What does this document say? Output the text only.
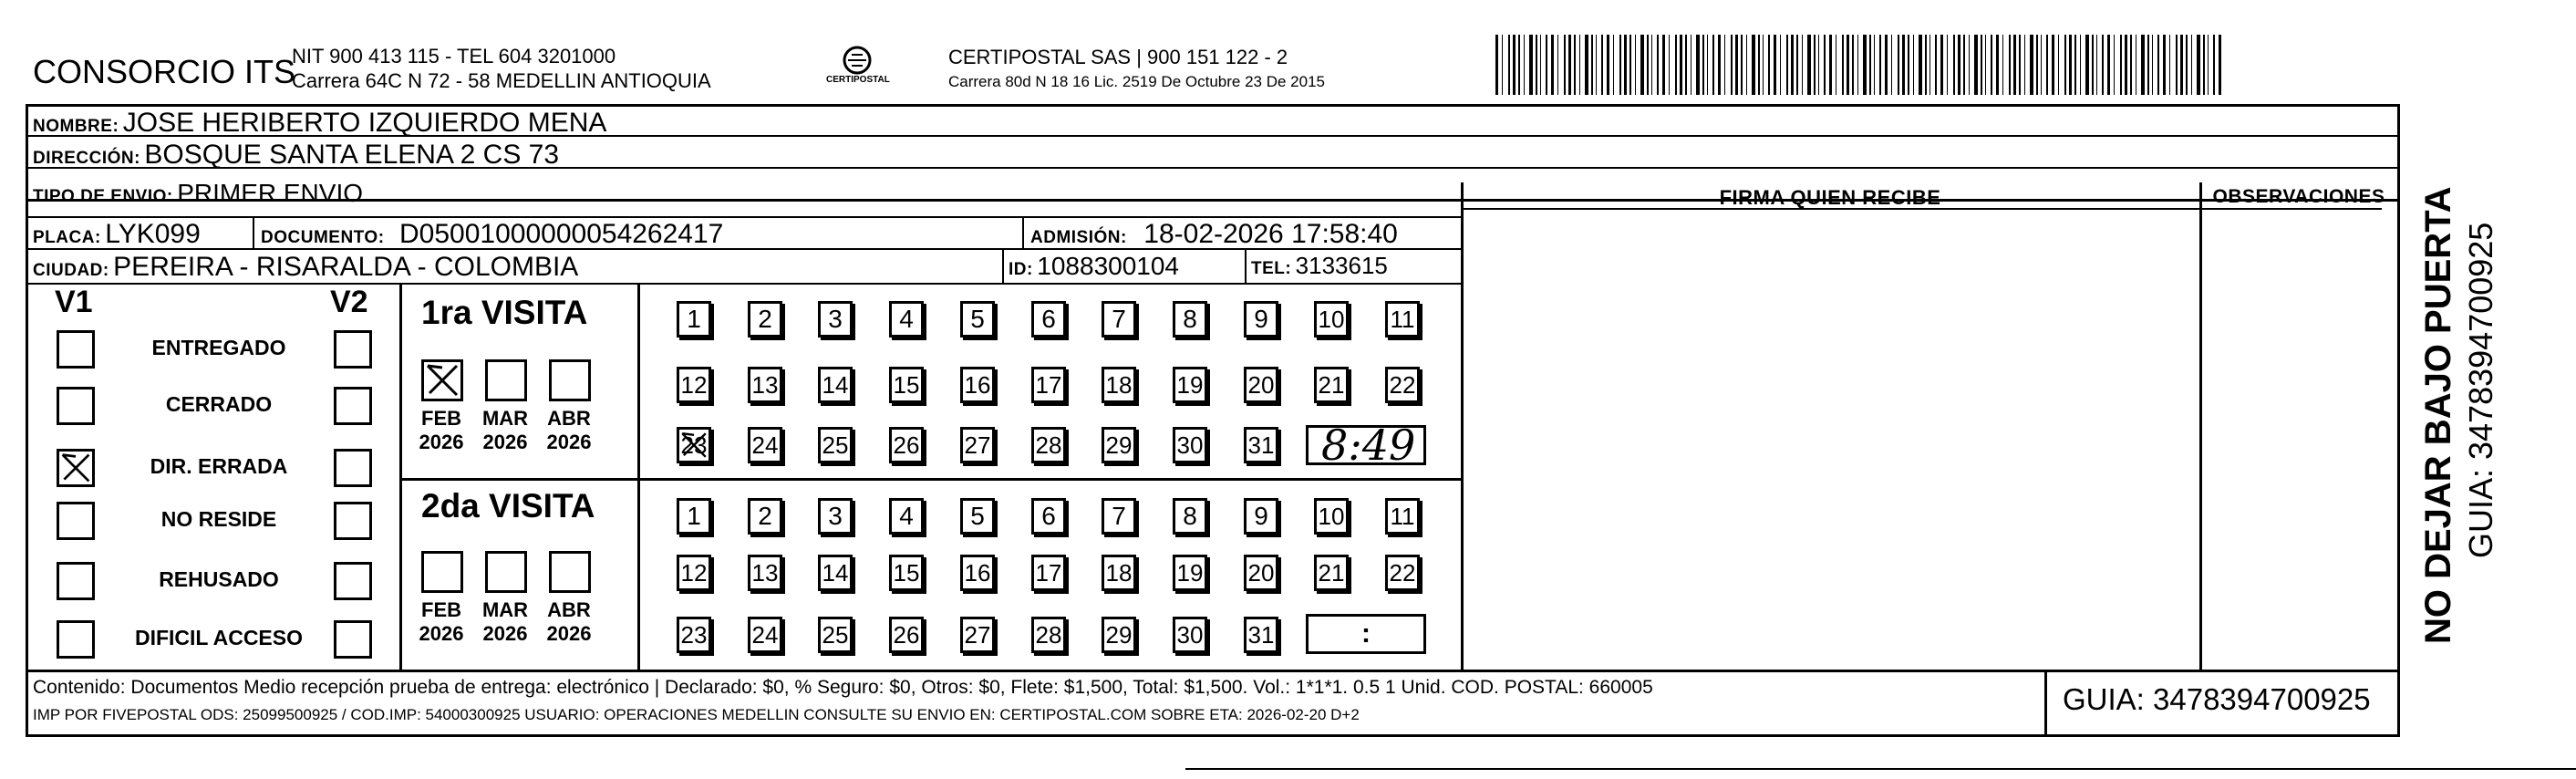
CONSORCIO ITS
NIT 900 413 115 - TEL 604 3201000
Carrera 64C N 72 - 58 MEDELLIN ANTIOQUIA	CERTIPOSTAL
CERTIPOSTAL SAS | 900 151 122 - 2
Carrera 80d N 18 16 Lic. 2519 De Octubre 23 De 2015
NOMBRE: JOSE HERIBERTO IZQUIERDO MENA
DIRECCIÓN: BOSQUE SANTA ELENA 2 CS 73
TIPO DE ENVIO: PRIMER ENVIO
PLACA: LYK099	DOCUMENTO: D05001000000054262417	ADMISIÓN: 18-02-2026 17:58:40
CIUDAD: PEREIRA - RISARALDA - COLOMBIA	ID: 1088300104	TEL: 3133615
FIRMA QUIEN RECIBE	OBSERVACIONES
V1	V2
ENTREGADO
CERRADO
DIR. ERRADA
NO RESIDE
REHUSADO
DIFICIL ACCESO
1ra VISITA
2da VISITA
FEB
2026
MAR
2026
ABR
2026
FEB
2026
MAR
2026
ABR
2026
1	2	3	4	5	6	7	8	9	10 11
12 13 14 15 16 17 18 19 20 21 22
23 24 25 26 27 28 29 30 31
1	2	3	4	5	6	7	8	9	10 11
12 13 14 15 16 17 18 19 20 21 22
23 24 25 26 27 28 29 30 31
8:49
:
Contenido: Documentos Medio recepción prueba de entrega: electrónico | Declarado: $0, % Seguro: $0, Otros: $0, Flete: $1,500, Total: $1,500. Vol.: 1*1*1. 0.5 1 Unid. COD. POSTAL: 660005
IMP POR FIVEPOSTAL ODS: 25099500925 / COD.IMP: 54000300925 USUARIO: OPERACIONES MEDELLIN CONSULTE SU ENVIO EN: CERTIPOSTAL.COM SOBRE ETA: 2026-02-20 D+2	GUIA: 3478394700925
NO DEJAR BAJO PUERTA GUIA: 3478394700925
